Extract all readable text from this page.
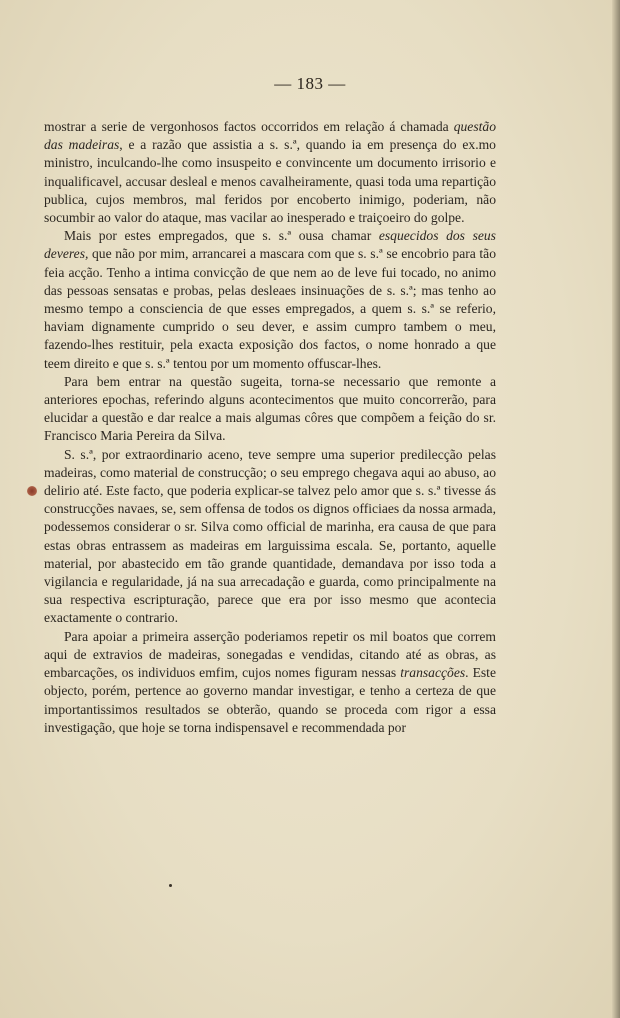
— 183 —

mostrar a serie de vergonhosos factos occorridos em relação á chamada questão das madeiras, e a razão que assistia a s. s.ª, quando ia em presença do ex.mo ministro, inculcando-lhe como insuspeito e convincente um documento irrisorio e inqualificavel, accusar desleal e menos cavalheiramente, quasi toda uma repartição publica, cujos membros, mal feridos por encoberto inimigo, poderiam, não socumbir ao valor do ataque, mas vacilar ao inesperado e traiçoeiro do golpe.

Mais por estes empregados, que s. s.ª ousa chamar esquecidos dos seus deveres, que não por mim, arrancarei a mascara com que s. s.ª se encobrio para tão feia acção. Tenho a intima convicção de que nem ao de leve fui tocado, no animo das pessoas sensatas e probas, pelas desleaes insinuações de s. s.ª; mas tenho ao mesmo tempo a consciencia de que esses empregados, a quem s. s.ª se referio, haviam dignamente cumprido o seu dever, e assim cumpro tambem o meu, fazendo-lhes restituir, pela exacta exposição dos factos, o nome honrado a que teem direito e que s. s.ª tentou por um momento offuscar-lhes.

Para bem entrar na questão sugeita, torna-se necessario que remonte a anteriores epochas, referindo alguns acontecimentos que muito concorrerão, para elucidar a questão e dar realce a mais algumas côres que compõem a feição do sr. Francisco Maria Pereira da Silva.

S. s.ª, por extraordinario aceno, teve sempre uma superior predilecção pelas madeiras, como material de construcção; o seu emprego chegava aqui ao abuso, ao delirio até. Este facto, que poderia explicar-se talvez pelo amor que s. s.ª tivesse ás construcções navaes, se, sem offensa de todos os dignos officiaes da nossa armada, podessemos considerar o sr. Silva como official de marinha, era causa de que para estas obras entrassem as madeiras em larguissima escala. Se, portanto, aquelle material, por abastecido em tão grande quantidade, demandava por isso toda a vigilancia e regularidade, já na sua arrecadação e guarda, como principalmente na sua respectiva escripturação, parece que era por isso mesmo que acontecia exactamente o contrario.

Para apoiar a primeira asserção poderiamos repetir os mil boatos que correm aqui de extravios de madeiras, sonegadas e vendidas, citando até as obras, as embarcações, os individuos emfim, cujos nomes figuram nessas transacções. Este objecto, porém, pertence ao governo mandar investigar, e tenho a certeza de que importantissimos resultados se obterão, quando se proceda com rigor a essa investigação, que hoje se torna indispensavel e recommendada por
